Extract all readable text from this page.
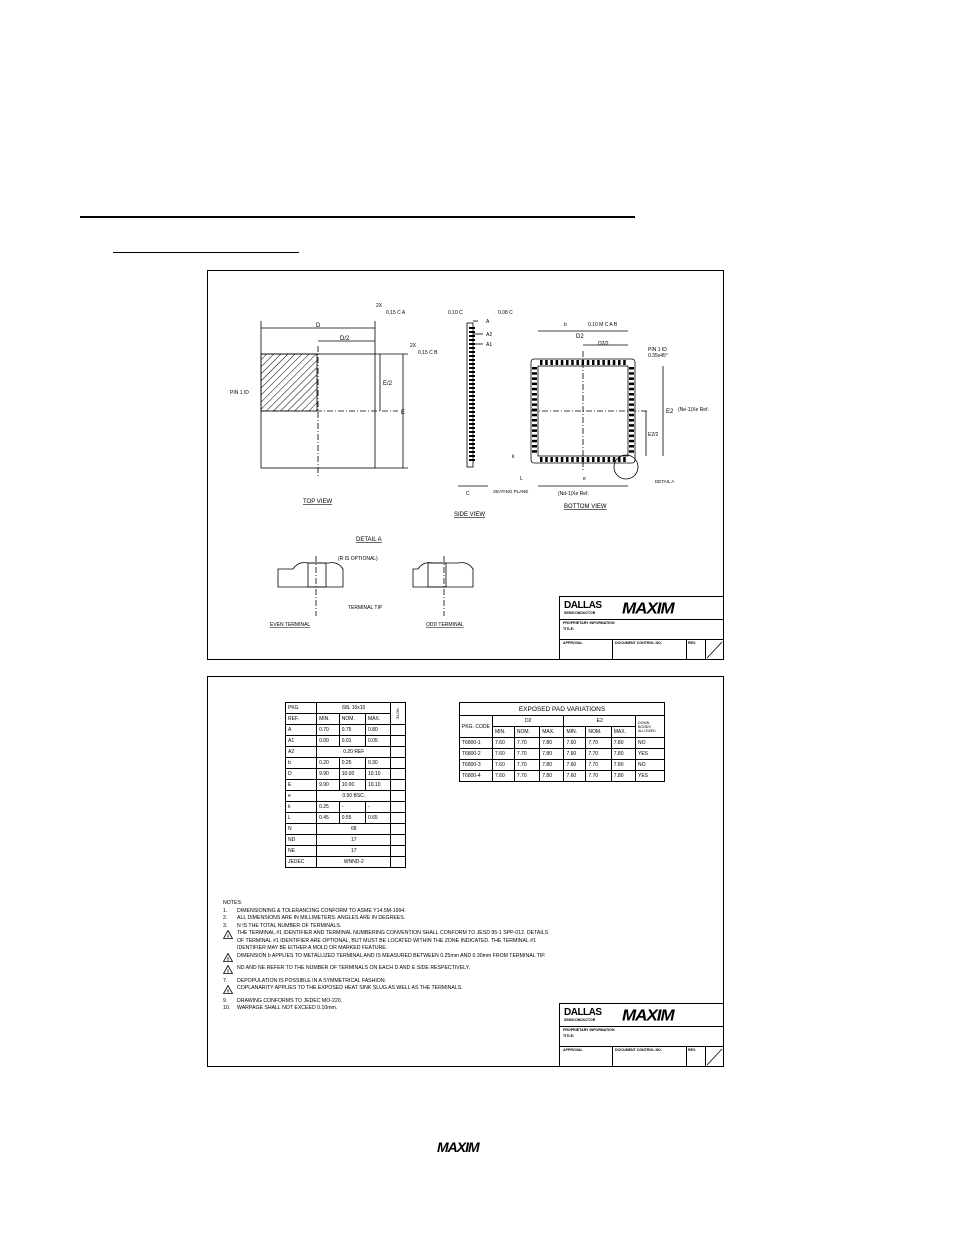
D
D/2
E/2
E
PIN 1 ID
2X
0.15 C A
2X
0.15 C B
TOP VIEW
A
A2
A1
0.10 C	0.08 C
SEATING PLANE
SIDE VIEW
b	0.10 M C A B
D2
D2/2
PIN 1 ID
0.35x45°
E2
E2/2
(Ne-1)Xe Ref.
(Nd-1)Xe Ref.
k
L	e	DETAIL A
BOTTOM VIEW
DETAIL A
(R IS OPTIONAL)
TERMINAL TIP
EVEN TERMINAL	ODD TERMINAL
C
DALLAS
SEMICONDUCTOR MAXIM
PROPRIETARY INFORMATION
TITLE:
APPROVAL	DOCUMENT CONTROL NO.	REV.
PKG	68L 10x10			NOTE
REF.	MIN.	NOM.	MAX.	
A	0.70	0.75	0.80	
A1	0.00	0.01	0.05	
A2	0.20 REF			
b	0.20	0.25	0.30	
D	9.90	10.00	10.10	
E	9.90	10.00	10.10	
e	0.50 BSC.			
k	0.25	-	-	
L	0.45	0.55	0.65	
N	68			
ND	17			
NE	17			
JEDEC	WNND-2			
EXPOSED PAD VARIATIONS							
PKG. CODE	D2			E2			DOWN BONDS ALLOWED
	MIN.	NOM.	MAX.	MIN.	NOM.	MAX.	
T6800-1	7.60	7.70	7.80	7.60	7.70	7.80	NO
T6800-2	7.60	7.70	7.80	7.60	7.70	7.80	YES
T6800-3	7.60	7.70	7.80	7.60	7.70	7.80	NO
T6800-4	7.60	7.70	7.80	7.60	7.70	7.80	YES
NOTES:
1.	DIMENSIONING & TOLERANCING CONFORM TO ASME Y14.5M-1994.
2.	ALL DIMENSIONS ARE IN MILLIMETERS. ANGLES ARE IN DEGREES.
3.	N IS THE TOTAL NUMBER OF TERMINALS.
4 THE TERMINAL #1 IDENTIFIER AND TERMINAL NUMBERING CONVENTION SHALL CONFORM TO JESD 95-1 SPP-012. DETAILS OF TERMINAL #1 IDENTIFIER ARE OPTIONAL, BUT MUST BE LOCATED WITHIN THE ZONE INDICATED. THE TERMINAL #1 IDENTIFIER MAY BE EITHER A MOLD OR MARKED FEATURE.
5 DIMENSION b APPLIES TO METALLIZED TERMINAL AND IS MEASURED BETWEEN 0.25mm AND 0.30mm FROM TERMINAL TIP.
6 ND AND NE REFER TO THE NUMBER OF TERMINALS ON EACH D AND E SIDE RESPECTIVELY.
7.	DEPOPULATION IS POSSIBLE IN A SYMMETRICAL FASHION.
8 COPLANARITY APPLIES TO THE EXPOSED HEAT SINK SLUG AS WELL AS THE TERMINALS.
9.	DRAWING CONFORMS TO JEDEC MO-220.
10.	WARPAGE SHALL NOT EXCEED 0.10mm.	DALLAS
SEMICONDUCTOR MAXIM
PROPRIETARY INFORMATION
TITLE:
APPROVAL	DOCUMENT CONTROL NO.	REV.
MAXIM
